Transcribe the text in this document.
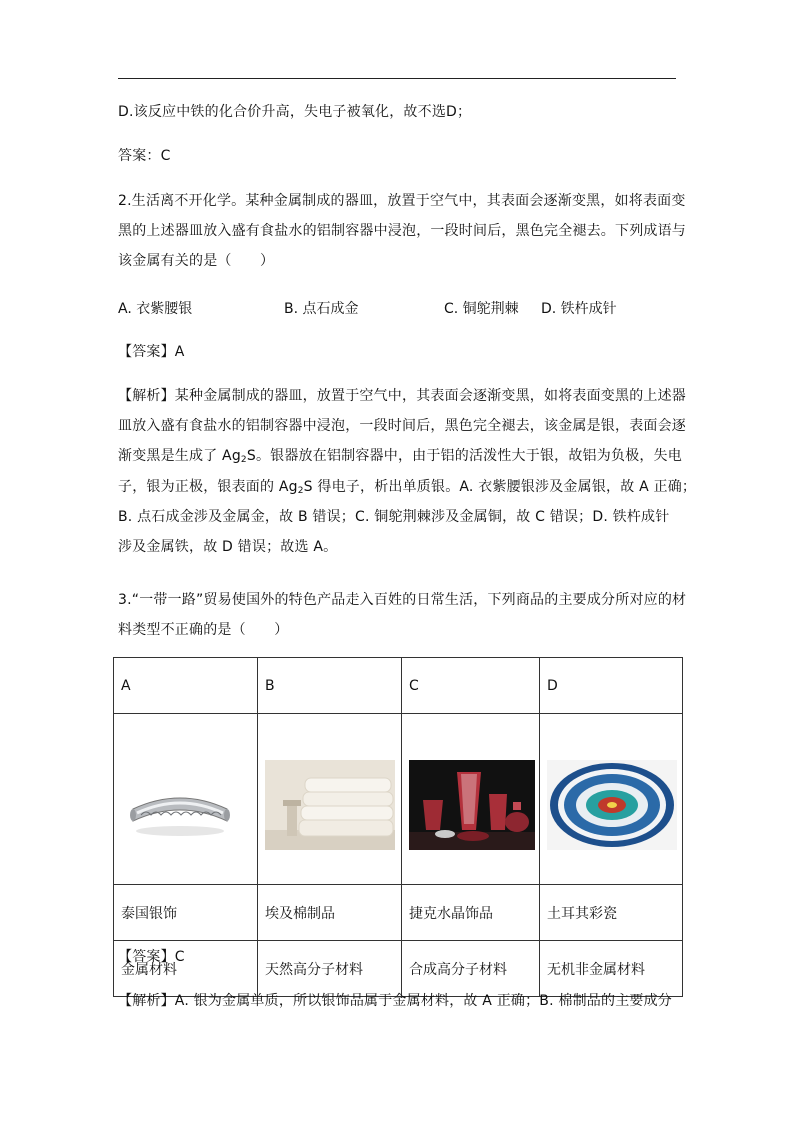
D.该反应中铁的化合价升高，失电子被氧化，故不选D；
答案：C
2.生活离不开化学。某种金属制成的器皿，放置于空气中，其表面会逐渐变黑，如将表面变
黑的上述器皿放入盛有食盐水的铝制容器中浸泡，一段时间后，黑色完全褪去。下列成语与
该金属有关的是（　　）
A. 衣紫腰银	B. 点石成金	C. 铜鸵荆棘 D. 铁杵成针
【答案】A
【解析】某种金属制成的器皿，放置于空气中，其表面会逐渐变黑，如将表面变黑的上述器
皿放入盛有食盐水的铝制容器中浸泡，一段时间后，黑色完全褪去，该金属是银，表面会逐
渐变黑是生成了 $Ag_2S$。银器放在铝制容器中，由于铝的活泼性大于银，故铝为负极，失电
子，银为正极，银表面的 $Ag_2S$ 得电子，析出单质银。A. 衣紫腰银涉及金属银，故 A 正确；
B. 点石成金涉及金属金，故 B 错误；C. 铜鸵荆棘涉及金属铜，故 C 错误；D. 铁杵成针
涉及金属铁，故 D 错误；故选 A。
3.“一带一路”贸易使国外的特色产品走入百姓的日常生活，下列商品的主要成分所对应的材
料类型不正确的是（　　）
A	B	C	D

泰国银饰	埃及棉制品	捷克水晶饰品	土耳其彩瓷
金属材料	天然高分子材料	合成高分子材料	无机非金属材料
【答案】C
【解析】A. 银为金属单质，所以银饰品属于金属材料，故 A 正确；B. 棉制品的主要成分
